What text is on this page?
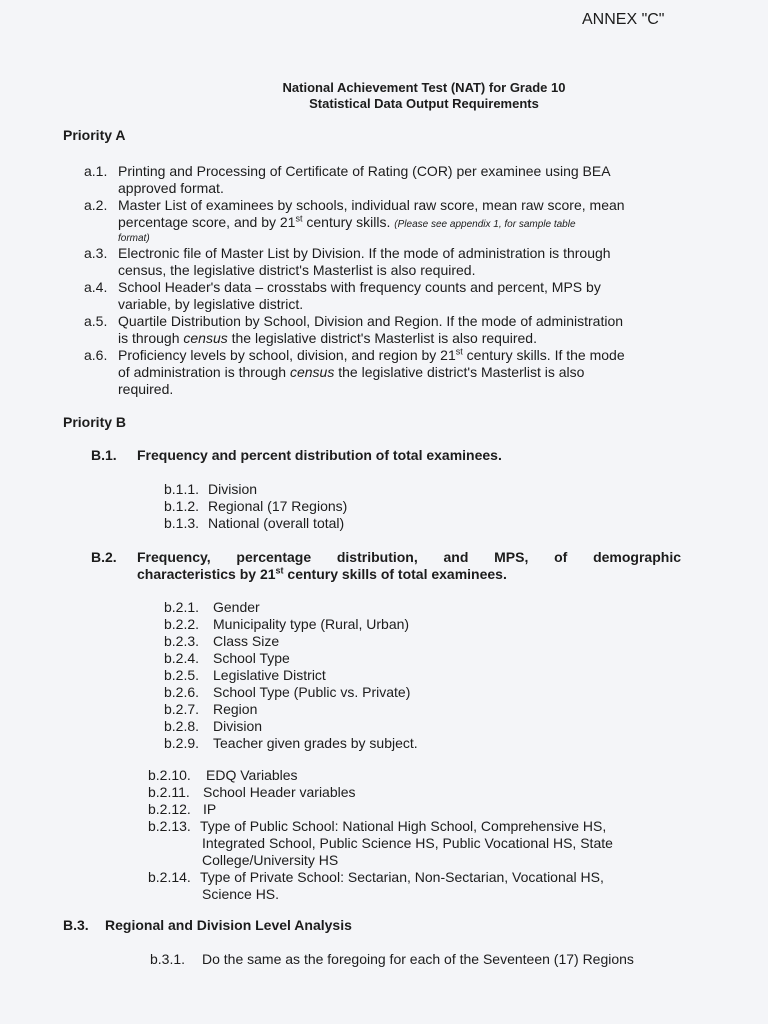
ANNEX "C"
National Achievement Test (NAT) for Grade 10
Statistical Data Output Requirements
Priority A
a.1. Printing and Processing of Certificate of Rating (COR) per examinee using BEA
approved format.
a.2. Master List of examinees by schools, individual raw score, mean raw score, mean
percentage score, and by 21st century skills. (Please see appendix 1, for sample table
format)
a.3. Electronic file of Master List by Division. If the mode of administration is through
census, the legislative district's Masterlist is also required.
a.4. School Header's data – crosstabs with frequency counts and percent, MPS by
variable, by legislative district.
a.5. Quartile Distribution by School, Division and Region. If the mode of administration
is through census the legislative district's Masterlist is also required.
a.6. Proficiency levels by school, division, and region by 21st century skills. If the mode
of administration is through census the legislative district's Masterlist is also
required.
Priority B
B.1. Frequency and percent distribution of total examinees.
b.1.1. Division
b.1.2. Regional (17 Regions)
b.1.3. National (overall total)
B.2. Frequency, percentage distribution, and MPS, of demographic
characteristics by 21st century skills of total examinees.
b.2.1. Gender
b.2.2. Municipality type (Rural, Urban)
b.2.3. Class Size
b.2.4. School Type
b.2.5. Legislative District
b.2.6. School Type (Public vs. Private)
b.2.7. Region
b.2.8. Division
b.2.9. Teacher given grades by subject.
b.2.10. EDQ Variables
b.2.11. School Header variables
b.2.12. IP
b.2.13. Type of Public School: National High School, Comprehensive HS,
Integrated School, Public Science HS, Public Vocational HS, State
College/University HS
b.2.14. Type of Private School: Sectarian, Non-Sectarian, Vocational HS,
Science HS.
B.3. Regional and Division Level Analysis
b.3.1. Do the same as the foregoing for each of the Seventeen (17) Regions
